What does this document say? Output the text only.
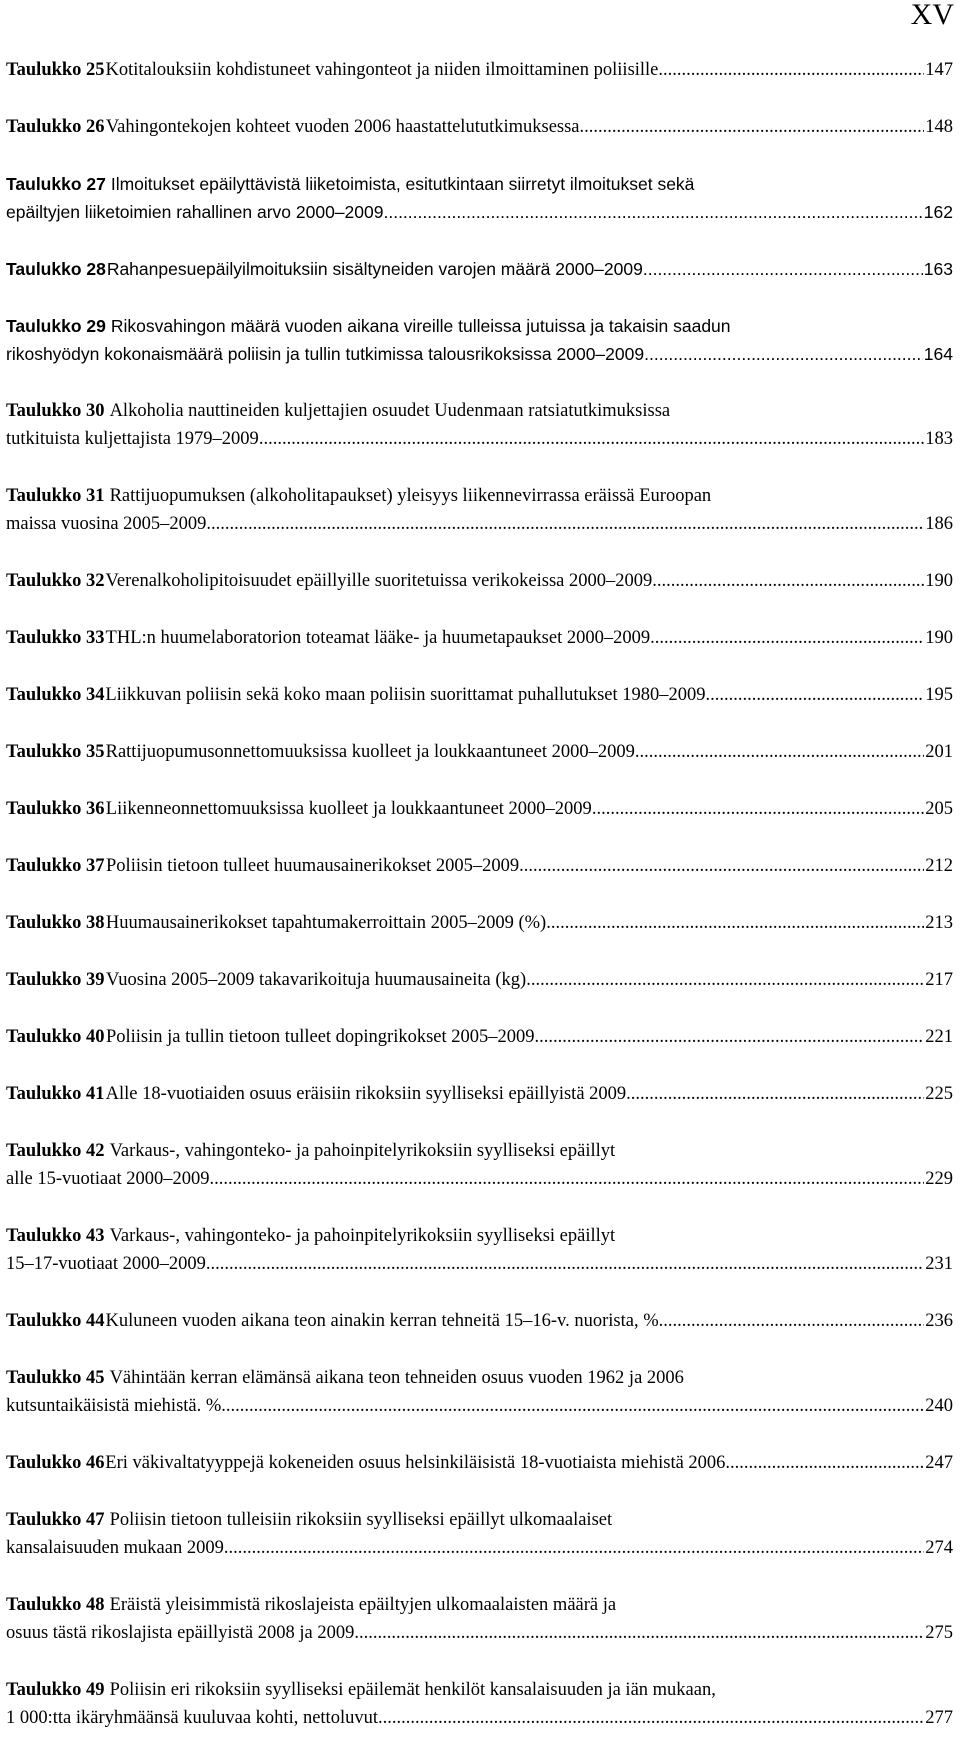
XV
Taulukko 25 Kotitalouksiin kohdistuneet vahingonteot ja niiden ilmoittaminen poliisille .....	147
Taulukko 26 Vahingontekojen kohteet vuoden 2006 haastattelututkimuksessa .....	148
Taulukko 27 Ilmoitukset epäilyttävistä liiketoimista, esitutkintaan siirretyt ilmoitukset sekä
epäiltyjen liiketoimien rahallinen arvo 2000–2009 .....	162
Taulukko 28 Rahanpesuepäilyilmoituksiin sisältyneiden varojen määrä 2000–2009 .....	163
Taulukko 29 Rikosvahingon määrä vuoden aikana vireille tulleissa jutuissa ja takaisin saadun
rikoshyödyn kokonaismäärä poliisin ja tullin tutkimissa talousrikoksissa 2000–2009 .....	164
Taulukko 30 Alkoholia nauttineiden kuljettajien osuudet Uudenmaan ratsiatutkimuksissa
tutkituista kuljettajista 1979–2009 .....	183
Taulukko 31 Rattijuopumuksen (alkoholitapaukset) yleisyys liikennevirrassa eräissä Euroopan
maissa vuosina 2005–2009 .....	186
Taulukko 32 Verenalkoholipitoisuudet epäillyille suoritetuissa verikokeissa 2000–2009 .....	190
Taulukko 33 THL:n huumelaboratorion toteamat lääke- ja huumetapaukset 2000–2009 .....	190
Taulukko 34 Liikkuvan poliisin sekä koko maan poliisin suorittamat puhallutukset 1980–2009 .....	195
Taulukko 35 Rattijuopumusonnettomuuksissa kuolleet ja loukkaantuneet 2000–2009 .....	201
Taulukko 36 Liikenneonnettomuuksissa kuolleet ja loukkaantuneet 2000–2009 .....	205
Taulukko 37 Poliisin tietoon tulleet huumausainerikokset 2005–2009 .....	212
Taulukko 38 Huumausainerikokset tapahtumakerroittain 2005–2009 (%) .....	213
Taulukko 39 Vuosina 2005–2009 takavarikoituja huumausaineita (kg) .....	217
Taulukko 40 Poliisin ja tullin tietoon tulleet dopingrikokset 2005–2009 .....	221
Taulukko 41 Alle 18-vuotiaiden osuus eräisiin rikoksiin syylliseksi epäillyistä 2009 .....	225
Taulukko 42 Varkaus-, vahingonteko- ja pahoinpitelyrikoksiin syylliseksi epäillyt
alle 15-vuotiaat 2000–2009 .....	229
Taulukko 43 Varkaus-, vahingonteko- ja pahoinpitelyrikoksiin syylliseksi epäillyt
15–17-vuotiaat 2000–2009 .....	231
Taulukko 44 Kuluneen vuoden aikana teon ainakin kerran tehneitä 15–16-v. nuorista, %. .....	236
Taulukko 45 Vähintään kerran elämänsä aikana teon tehneiden osuus vuoden 1962 ja 2006
kutsuntaikäisistä miehistä. % .....	240
Taulukko 46 Eri väkivaltatyyppejä kokeneiden osuus helsinkiläisistä 18-vuotiaista miehistä 2006 .....	247
Taulukko 47 Poliisin tietoon tulleisiin rikoksiin syylliseksi epäillyt ulkomaalaiset
kansalaisuuden mukaan 2009 .....	274
Taulukko 48 Eräistä yleisimmistä rikoslajeista epäiltyjen ulkomaalaisten määrä ja
osuus tästä rikoslajista epäillyistä 2008 ja 2009 .....	275
Taulukko 49 Poliisin eri rikoksiin syylliseksi epäilemät henkilöt kansalaisuuden ja iän mukaan,
1 000:tta ikäryhmäänsä kuuluvaa kohti, nettoluvut .....	277
